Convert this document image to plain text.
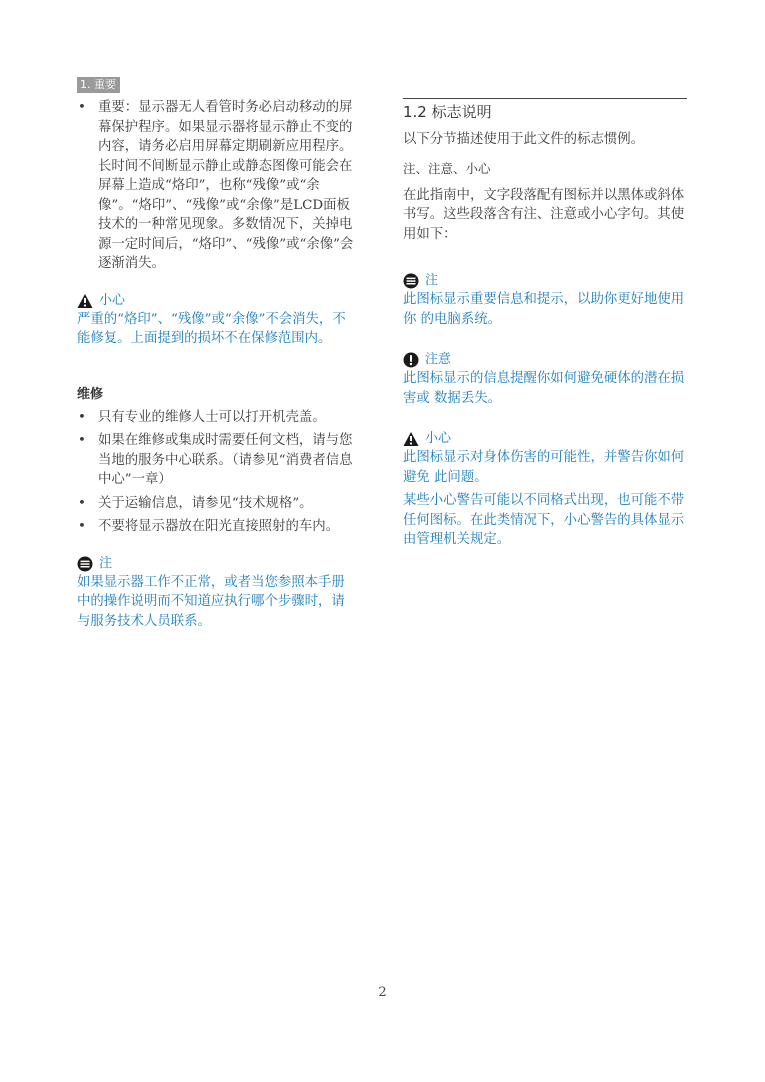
1. 重要
• 重要：显示器无人看管时务必启动移动的屏幕保护程序。如果显示器将显示静止不变的内容，请务必启用屏幕定期刷新应用程序。长时间不间断显示静止或静态图像可能会在屏幕上造成“烙印”，也称“残像”或“余像”。“烙印”、“残像”或“余像”是LCD面板技术的一种常见现象。多数情况下，关掉电源一定时间后，“烙印”、“残像”或“余像”会逐渐消失。

小心

严重的“烙印”、“残像”或“余像”不会消失，不能修复。上面提到的损坏不在保修范围内。

维修

• 只有专业的维修人士可以打开机壳盖。
• 如果在维修或集成时需要任何文档，请与您当地的服务中心联系。（请参见“消费者信息中心”一章）
• 关于运输信息，请参见“技术规格”。
• 不要将显示器放在阳光直接照射的车内。

注

如果显示器工作不正常，或者当您参照本手册中的操作说明而不知道应执行哪个步骤时，请与服务技术人员联系。

1.2 标志说明

以下分节描述使用于此文件的标志惯例。

注、注意、小心

在此指南中，文字段落配有图标并以黑体或斜体书写。这些段落含有注、注意或小心字句。其使用如下：

注

此图标显示重要信息和提示，以助你更好地使用你 的电脑系统。

注意

此图标显示的信息提醒你如何避免硬体的潜在损害或 数据丢失。

小心

此图标显示对身体伤害的可能性，并警告你如何避免 此问题。

某些小心警告可能以不同格式出现，也可能不带任何图标。在此类情况下，小心警告的具体显示由管理机关规定。

2
